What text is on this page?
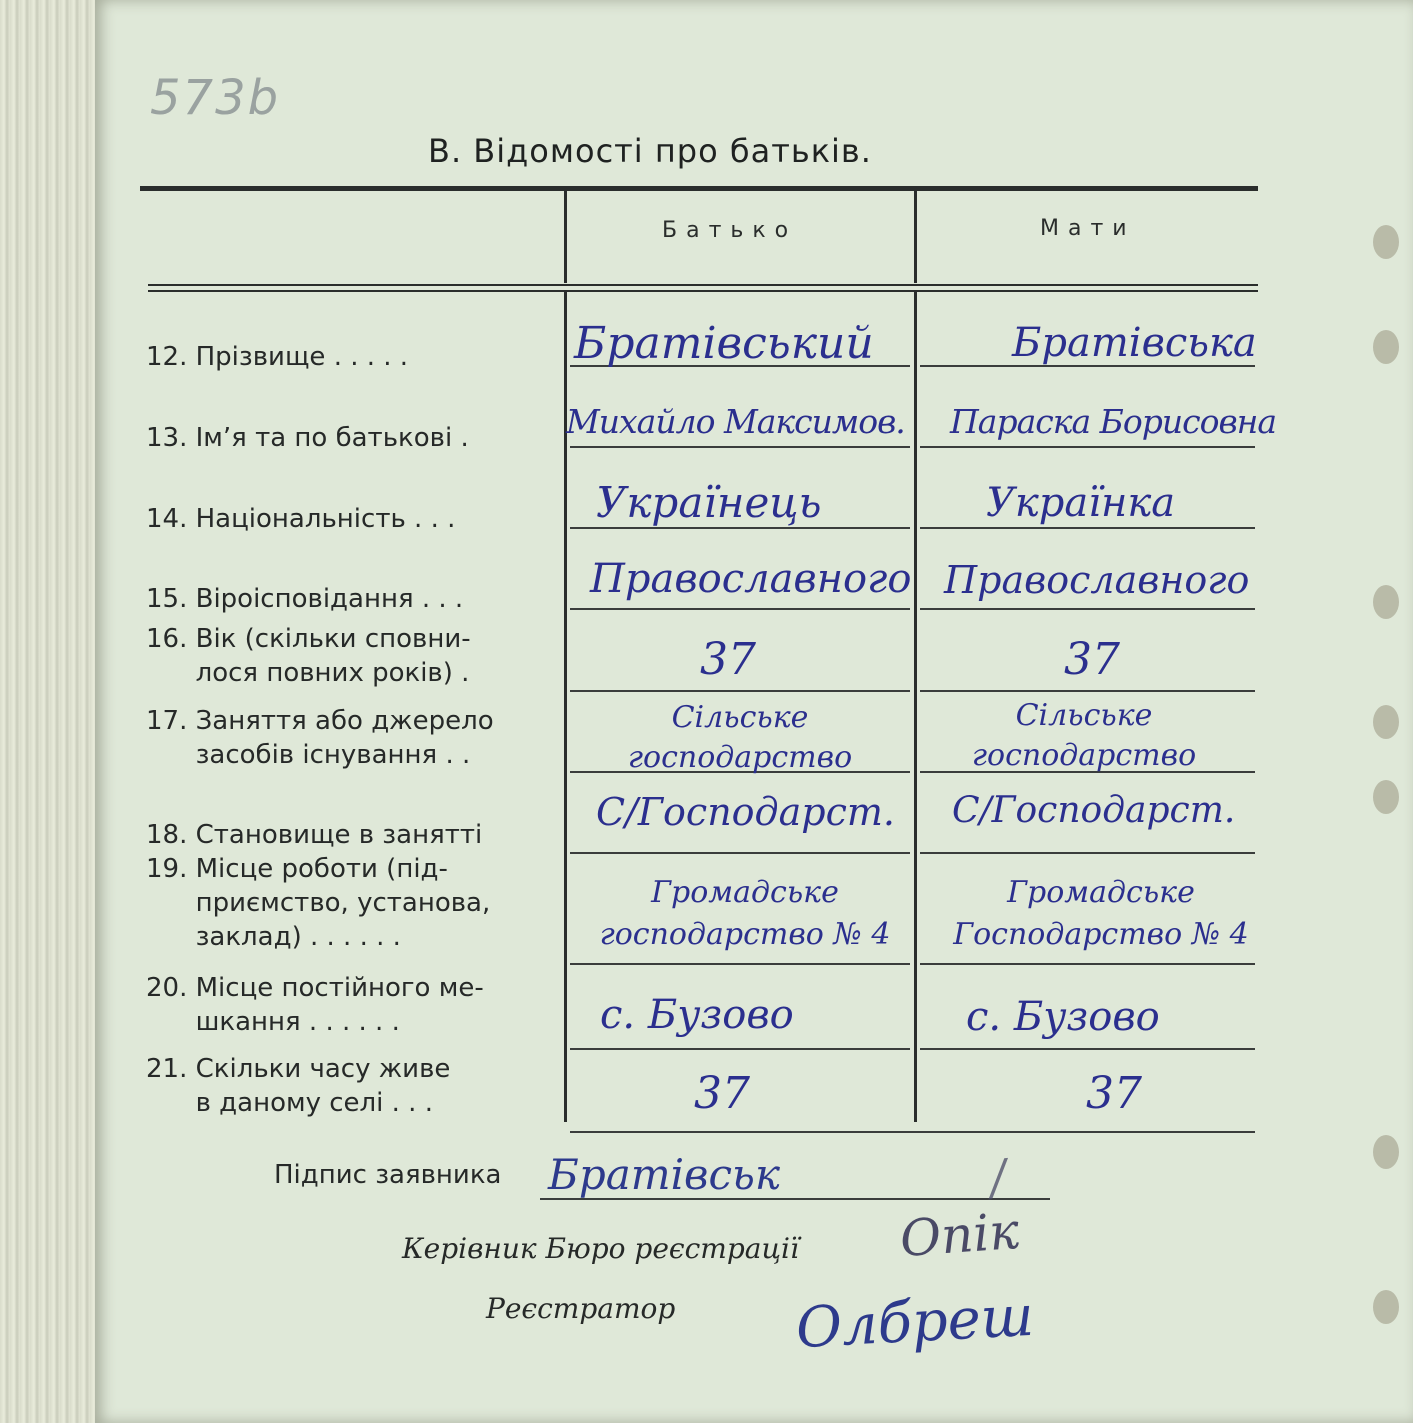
573b
В. Відомості про батьків.
Батько	Мати
12. Прізвище . . . . .
13. Ім’я та по батькові .
14. Національність . . .
15. Віроісповідання . . .
16. Вік (скільки сповни-
лося повних років) .
17. Заняття або джерело
засобів існування . .
18. Становище в занятті
19. Місце роботи (під-
приємство, установа,
заклад) . . . . . .
20. Місце постійного ме-
шкання . . . . . .
21. Скільки часу живе
в даному селі . . .
Братівський
Михайло Максимов.
Українець
Православного
37
Сільське
господарство
С/Господарст.
Громадське
господарство № 4
с. Бузово
37
Братівська
Параска Борисовна
Українка
Православного
37
Сільське
господарство
С/Господарст.
Громадське
Господарство № 4
с. Бузово
37
Підпис заявника Братівськ	∕
Керівник Бюро реєстрації Опік
Реєстратор Олбреш
